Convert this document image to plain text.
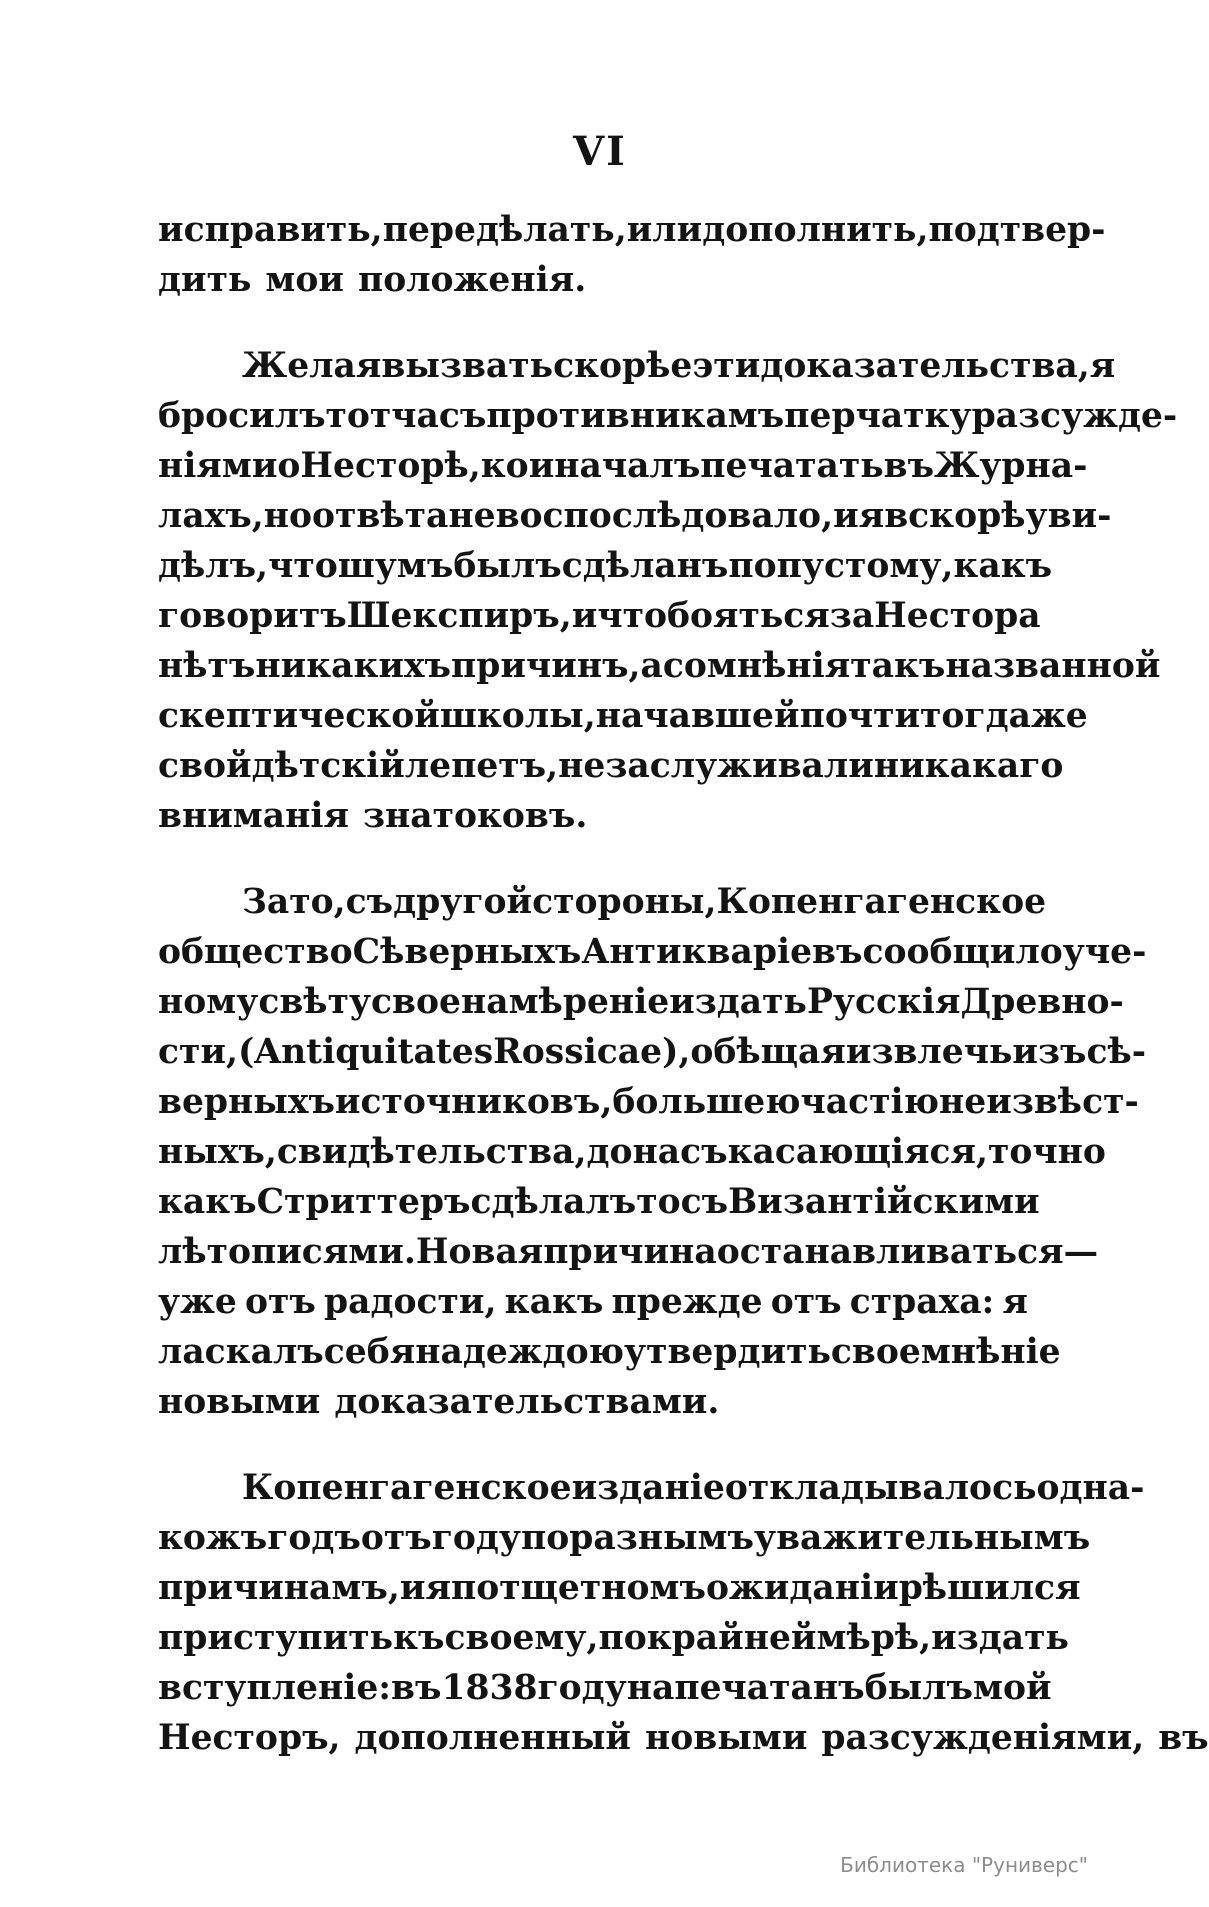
VI
исправить, передѣлать, или дополнить, подтвер-
дить мои положенія.
Желая вызвать скорѣе эти доказательства, я
бросилъ тотчасъ противникамъ перчатку разсужде-
ніями о Несторѣ, кои началъ печатать въ Журна-
лахъ, но отвѣта не воспослѣдовало, и я вскорѣ уви-
дѣлъ, что шумъ былъ сдѣланъ по пустому, какъ
говоритъ Шекспиръ, и что бояться за Нестора
нѣтъ никакихъ причинъ, а сомнѣнія такъ названной
скептической школы, начавшей почти тогда же
свой дѣтскій лепетъ, не заслуживали никакаго
вниманія знатоковъ.
За то, съ другой стороны, Копенгагенское
общество Сѣверныхъ Антикваріевъ сообщило уче-
ному свѣту свое намѣреніе издать Русскія Древно-
сти, (Antiquitates Rossicae), обѣщая извлечь изъ сѣ-
верныхъ источниковъ, большею частію неизвѣст-
ныхъ, свидѣтельства, до насъ касающіяся, точно
какъ Стриттеръ сдѣлалъ то съ Византійскими
лѣтописями. Новая причина останавливаться —
уже отъ радости, какъ прежде отъ страха: я
ласкалъ себя надеждою утвердить свое мнѣніе
новыми доказательствами.
Копенгагенское изданіе откладывалось одна-
кожъ годъ отъ году по разнымъ уважительнымъ
причинамъ, и я по тщетномъ ожиданіи рѣшился
приступить къ своему, по крайней мѣрѣ, издать
вступленіе: въ 1838 году напечатанъ былъ мой
Несторъ, дополненный новыми разсужденіями, въ
Библиотека "Руниверс"
